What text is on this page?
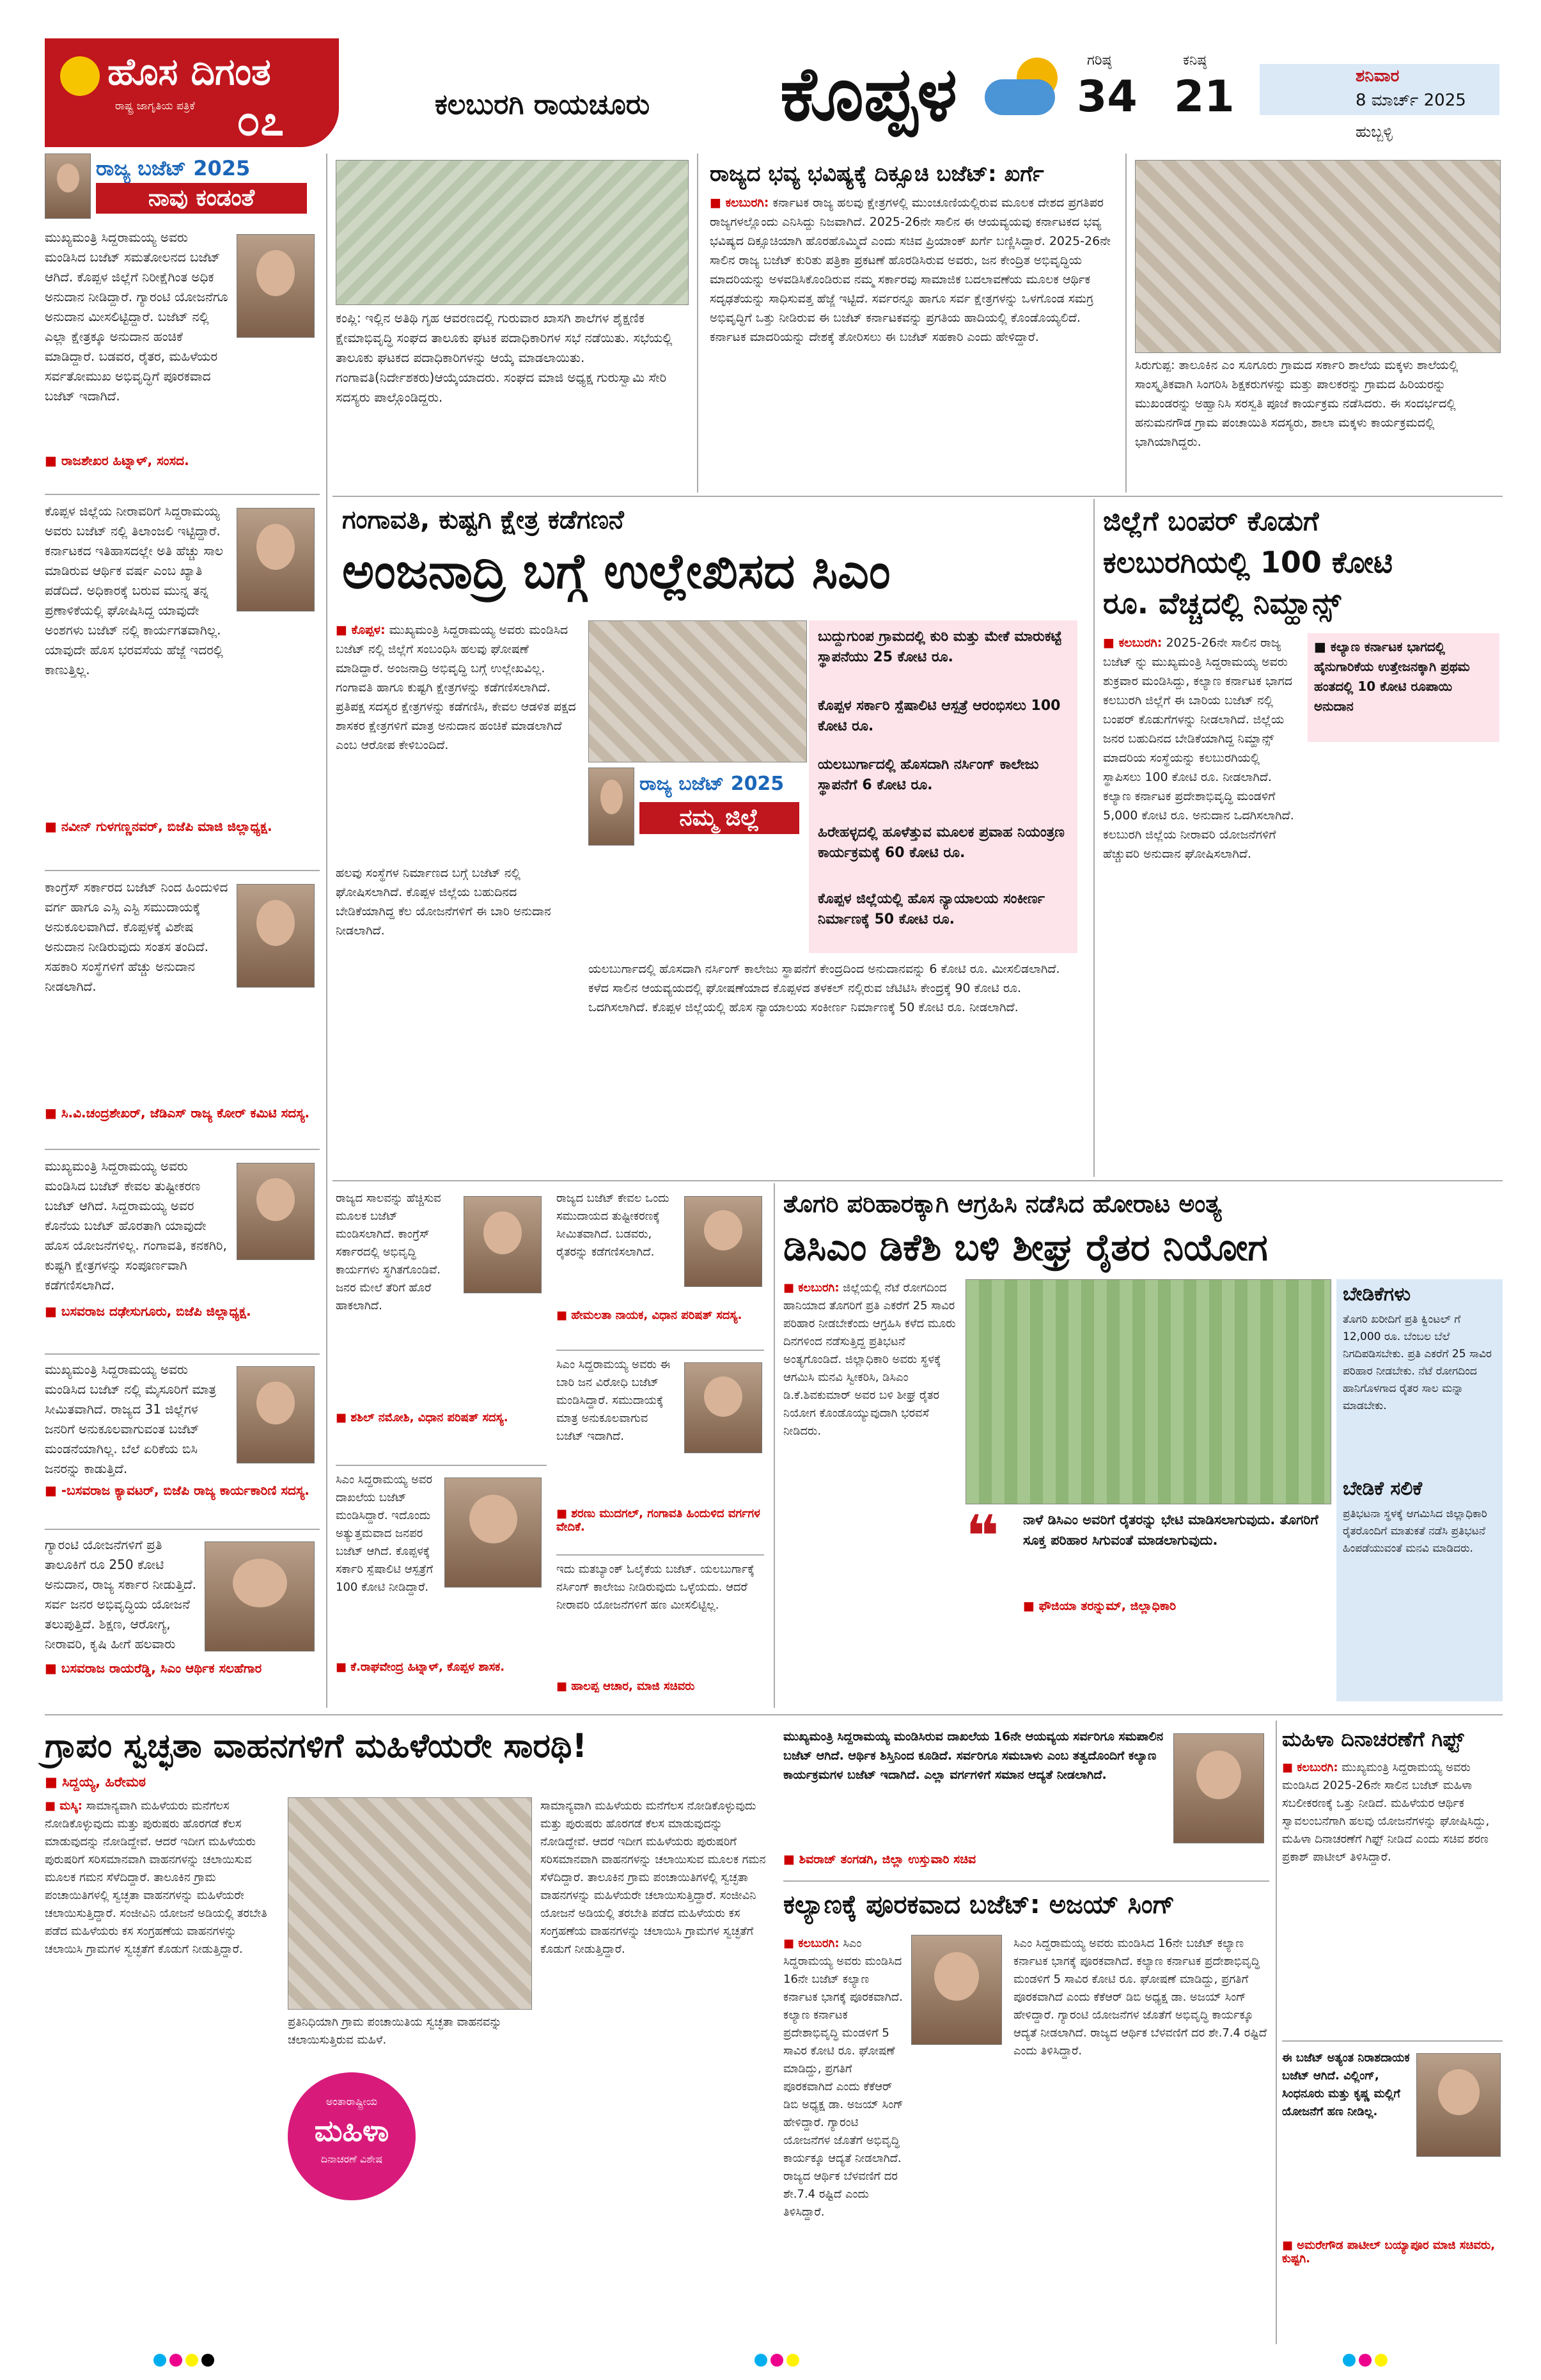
ಹೊಸ ದಿಗಂತ
ರಾಷ್ಟ್ರ ಜಾಗೃತಿಯ ಪತ್ರಿಕೆ ೦೭	ಕಲಬುರಗಿ ರಾಯಚೂರು ಕೊಪ್ಪಳ	ಗರಿಷ್ಠ
34
ಕನಿಷ್ಠ
21	ಶನಿವಾರ
8 ಮಾರ್ಚ್ 2025
ಹುಬ್ಬಳ್ಳಿ
ರಾಜ್ಯ ಬಜೆಟ್ 2025
ನಾವು ಕಂಡಂತೆ
ಮುಖ್ಯಮಂತ್ರಿ ಸಿದ್ದರಾಮಯ್ಯ ಅವರು ಮಂಡಿಸಿದ ಬಜೆಟ್ ಸಮತೋಲನದ ಬಜೆಟ್ ಆಗಿದೆ. ಕೊಪ್ಪಳ ಜಿಲ್ಲೆಗೆ ನಿರೀಕ್ಷೆಗಿಂತ ಅಧಿಕ ಅನುದಾನ ನೀಡಿದ್ದಾರೆ. ಗ್ಯಾರಂಟಿ ಯೋಜನೆಗೂ ಅನುದಾನ ಮೀಸಲಿಟ್ಟಿದ್ದಾರೆ. ಬಜೆಟ್ ನಲ್ಲಿ ಎಲ್ಲಾ ಕ್ಷೇತ್ರಕ್ಕೂ ಅನುದಾನ ಹಂಚಿಕೆ ಮಾಡಿದ್ದಾರೆ. ಬಡವರ, ರೈತರ, ಮಹಿಳೆಯರ ಸರ್ವತೋಮುಖ ಅಭಿವೃದ್ಧಿಗೆ ಪೂರಕವಾದ ಬಜೆಟ್ ಇದಾಗಿದೆ.
■ ರಾಜಶೇಖರ ಹಿಟ್ನಾಳ್, ಸಂಸದ.
ಕೊಪ್ಪಳ ಜಿಲ್ಲೆಯ ನೀರಾವರಿಗೆ ಸಿದ್ದರಾಮಯ್ಯ ಅವರು ಬಜೆಟ್ ನಲ್ಲಿ ತಿಲಾಂಜಲಿ ಇಟ್ಟಿದ್ದಾರೆ. ಕರ್ನಾಟಕದ ಇತಿಹಾಸದಲ್ಲೇ ಅತಿ ಹೆಚ್ಚು ಸಾಲ ಮಾಡಿರುವ ಆರ್ಥಿಕ ವರ್ಷ ಎಂಬ ಖ್ಯಾತಿ ಪಡೆದಿದೆ. ಅಧಿಕಾರಕ್ಕೆ ಬರುವ ಮುನ್ನ ತನ್ನ ಪ್ರಣಾಳಿಕೆಯಲ್ಲಿ ಘೋಷಿಸಿದ್ದ ಯಾವುದೇ ಅಂಶಗಳು ಬಜೆಟ್ ನಲ್ಲಿ ಕಾರ್ಯಗತವಾಗಿಲ್ಲ. ಯಾವುದೇ ಹೊಸ ಭರವಸೆಯ ಹೆಜ್ಜೆ ಇದರಲ್ಲಿ ಕಾಣುತ್ತಿಲ್ಲ.
■ ನವೀನ್ ಗುಳಗಣ್ಣನವರ್, ಬಿಜೆಪಿ ಮಾಜಿ ಜಿಲ್ಲಾಧ್ಯಕ್ಷ.
ಕಾಂಗ್ರೆಸ್ ಸರ್ಕಾರದ ಬಜೆಟ್ ನಿಂದ ಹಿಂದುಳಿದ ವರ್ಗ ಹಾಗೂ ಎಸ್ಸಿ ಎಸ್ಟಿ ಸಮುದಾಯಕ್ಕೆ ಅನುಕೂಲವಾಗಿದೆ. ಕೊಪ್ಪಳಕ್ಕೆ ವಿಶೇಷ ಅನುದಾನ ನೀಡಿರುವುದು ಸಂತಸ ತಂದಿದೆ. ಸಹಕಾರಿ ಸಂಸ್ಥೆಗಳಿಗೆ ಹೆಚ್ಚು ಅನುದಾನ ನೀಡಲಾಗಿದೆ.
■ ಸಿ.ವಿ.ಚಂದ್ರಶೇಖರ್, ಜೆಡಿಎಸ್ ರಾಜ್ಯ ಕೋರ್ ಕಮಿಟಿ ಸದಸ್ಯ.
ಮುಖ್ಯಮಂತ್ರಿ ಸಿದ್ದರಾಮಯ್ಯ ಅವರು ಮಂಡಿಸಿದ ಬಜೆಟ್ ಕೇವಲ ತುಷ್ಟೀಕರಣ ಬಜೆಟ್ ಆಗಿದೆ. ಸಿದ್ದರಾಮಯ್ಯ ಅವರ ಕೊನೆಯ ಬಜೆಟ್ ಹೊರತಾಗಿ ಯಾವುದೇ ಹೊಸ ಯೋಜನೆಗಳಿಲ್ಲ. ಗಂಗಾವತಿ, ಕನಕಗಿರಿ, ಕುಷ್ಟಗಿ ಕ್ಷೇತ್ರಗಳನ್ನು ಸಂಪೂರ್ಣವಾಗಿ ಕಡೆಗಣಿಸಲಾಗಿದೆ.
■ ಬಸವರಾಜ ದಢೇಸುಗೂರು, ಬಿಜೆಪಿ ಜಿಲ್ಲಾಧ್ಯಕ್ಷ.
ಮುಖ್ಯಮಂತ್ರಿ ಸಿದ್ದರಾಮಯ್ಯ ಅವರು ಮಂಡಿಸಿದ ಬಜೆಟ್ ನಲ್ಲಿ ಮೈಸೂರಿಗೆ ಮಾತ್ರ ಸೀಮಿತವಾಗಿದೆ. ರಾಜ್ಯದ 31 ಜಿಲ್ಲೆಗಳ ಜನರಿಗೆ ಅನುಕೂಲವಾಗುವಂತ ಬಜೆಟ್ ಮಂಡನೆಯಾಗಿಲ್ಲ. ಬೆಲೆ ಏರಿಕೆಯ ಬಿಸಿ ಜನರನ್ನು ಕಾಡುತ್ತಿದೆ.
■ -ಬಸವರಾಜ ಕ್ಯಾವಟರ್, ಬಿಜೆಪಿ ರಾಜ್ಯ ಕಾರ್ಯಕಾರಿಣಿ ಸದಸ್ಯ.
ಗ್ಯಾರಂಟಿ ಯೋಜನೆಗಳಿಗೆ ಪ್ರತಿ ತಾಲೂಕಿಗೆ ರೂ 250 ಕೋಟಿ ಅನುದಾನ, ರಾಜ್ಯ ಸರ್ಕಾರ ನೀಡುತ್ತಿದೆ. ಸರ್ವ ಜನರ ಅಭಿವೃದ್ಧಿಯ ಯೋಜನೆ ತಲುಪುತ್ತಿದೆ. ಶಿಕ್ಷಣ, ಆರೋಗ್ಯ, ನೀರಾವರಿ, ಕೃಷಿ ಹೀಗೆ ಹಲವಾರು
■ ಬಸವರಾಜ ರಾಯರೆಡ್ಡಿ, ಸಿಎಂ ಆರ್ಥಿಕ ಸಲಹೆಗಾರ
ಕಂಪ್ಲಿ: ಇಲ್ಲಿನ ಅತಿಥಿ ಗೃಹ ಆವರಣದಲ್ಲಿ ಗುರುವಾರ ಖಾಸಗಿ ಶಾಲೆಗಳ ಶೈಕ್ಷಣಿಕ ಕ್ಷೇಮಾಭಿವೃದ್ಧಿ ಸಂಘದ ತಾಲೂಕು ಘಟಕ ಪದಾಧಿಕಾರಿಗಳ ಸಭೆ ನಡೆಯಿತು. ಸಭೆಯಲ್ಲಿ ತಾಲೂಕು ಘಟಕದ ಪದಾಧಿಕಾರಿಗಳನ್ನು ಆಯ್ಕೆ ಮಾಡಲಾಯಿತು. ಗಂಗಾವತಿ(ನಿರ್ದೇಶಕರು)ಆಯ್ಕೆಯಾದರು. ಸಂಘದ ಮಾಜಿ ಅಧ್ಯಕ್ಷ ಗುರುಸ್ವಾಮಿ ಸೇರಿ ಸದಸ್ಯರು ಪಾಲ್ಗೊಂಡಿದ್ದರು.
ರಾಜ್ಯದ ಭವ್ಯ ಭವಿಷ್ಯಕ್ಕೆ ದಿಕ್ಸೂಚಿ ಬಜೆಟ್: ಖರ್ಗೆ
■ ಕಲಬುರಗಿ: ಕರ್ನಾಟಕ ರಾಜ್ಯ ಹಲವು ಕ್ಷೇತ್ರಗಳಲ್ಲಿ ಮುಂಚೂಣಿಯಲ್ಲಿರುವ ಮೂಲಕ ದೇಶದ ಪ್ರಗತಿಪರ ರಾಜ್ಯಗಳಲ್ಲೊಂದು ಎನಿಸಿದ್ದು ನಿಜವಾಗಿದೆ. 2025-26ನೇ ಸಾಲಿನ ಈ ಆಯವ್ಯಯವು ಕರ್ನಾಟಕದ ಭವ್ಯ ಭವಿಷ್ಯದ ದಿಕ್ಸೂಚಿಯಾಗಿ ಹೊರಹೊಮ್ಮಿದೆ ಎಂದು ಸಚಿವ ಪ್ರಿಯಾಂಕ್ ಖರ್ಗೆ ಬಣ್ಣಿಸಿದ್ದಾರೆ. 2025-26ನೇ ಸಾಲಿನ ರಾಜ್ಯ ಬಜೆಟ್ ಕುರಿತು ಪತ್ರಿಕಾ ಪ್ರಕಟಣೆ ಹೊರಡಿಸಿರುವ ಅವರು, ಜನ ಕೇಂದ್ರಿತ ಅಭಿವೃದ್ಧಿಯ ಮಾದರಿಯನ್ನು ಅಳವಡಿಸಿಕೊಂಡಿರುವ ನಮ್ಮ ಸರ್ಕಾರವು ಸಾಮಾಜಿಕ ಬದಲಾವಣೆಯ ಮೂಲಕ ಆರ್ಥಿಕ ಸದೃಢತೆಯನ್ನು ಸಾಧಿಸುವತ್ತ ಹೆಜ್ಜೆ ಇಟ್ಟಿದೆ. ಸರ್ವರನ್ನೂ ಹಾಗೂ ಸರ್ವ ಕ್ಷೇತ್ರಗಳನ್ನು ಒಳಗೊಂಡ ಸಮಗ್ರ ಅಭಿವೃದ್ಧಿಗೆ ಒತ್ತು ನೀಡಿರುವ ಈ ಬಜೆಟ್ ಕರ್ನಾಟಕವನ್ನು ಪ್ರಗತಿಯ ಹಾದಿಯಲ್ಲಿ ಕೊಂಡೊಯ್ಯಲಿದೆ. ಕರ್ನಾಟಕ ಮಾದರಿಯನ್ನು ದೇಶಕ್ಕೆ ತೋರಿಸಲು ಈ ಬಜೆಟ್ ಸಹಕಾರಿ ಎಂದು ಹೇಳಿದ್ದಾರೆ.
ಸಿರುಗುಪ್ಪ: ತಾಲೂಕಿನ ಎಂ ಸೂಗೂರು ಗ್ರಾಮದ ಸರ್ಕಾರಿ ಶಾಲೆಯ ಮಕ್ಕಳು ಶಾಲೆಯಲ್ಲಿ ಸಾಂಸ್ಕೃತಿಕವಾಗಿ ಸಿಂಗರಿಸಿ ಶಿಕ್ಷಕರುಗಳನ್ನು ಮತ್ತು ಪಾಲಕರನ್ನು ಗ್ರಾಮದ ಹಿರಿಯರನ್ನು ಮುಖಂಡರನ್ನು ಅಹ್ವಾನಿಸಿ ಸರಸ್ವತಿ ಪೂಜೆ ಕಾರ್ಯಕ್ರಮ ನಡೆಸಿದರು. ಈ ಸಂದರ್ಭದಲ್ಲಿ ಹನುಮನಗೌಡ ಗ್ರಾಮ ಪಂಚಾಯಿತಿ ಸದಸ್ಯರು, ಶಾಲಾ ಮಕ್ಕಳು ಕಾರ್ಯಕ್ರಮದಲ್ಲಿ ಭಾಗಿಯಾಗಿದ್ದರು.
ಗಂಗಾವತಿ, ಕುಷ್ಟಗಿ ಕ್ಷೇತ್ರ ಕಡೆಗಣನೆ
ಅಂಜನಾದ್ರಿ ಬಗ್ಗೆ ಉಲ್ಲೇಖಿಸದ ಸಿಎಂ
■ ಕೊಪ್ಪಳ: ಮುಖ್ಯಮಂತ್ರಿ ಸಿದ್ದರಾಮಯ್ಯ ಅವರು ಮಂಡಿಸಿದ ಬಜೆಟ್ ನಲ್ಲಿ ಜಿಲ್ಲೆಗೆ ಸಂಬಂಧಿಸಿ ಹಲವು ಘೋಷಣೆ ಮಾಡಿದ್ದಾರೆ. ಅಂಜನಾದ್ರಿ ಅಭಿವೃದ್ಧಿ ಬಗ್ಗೆ ಉಲ್ಲೇಖವಿಲ್ಲ. ಗಂಗಾವತಿ ಹಾಗೂ ಕುಷ್ಟಗಿ ಕ್ಷೇತ್ರಗಳನ್ನು ಕಡೆಗಣಿಸಲಾಗಿದೆ. ಪ್ರತಿಪಕ್ಷ ಸದಸ್ಯರ ಕ್ಷೇತ್ರಗಳನ್ನು ಕಡೆಗಣಿಸಿ, ಕೇವಲ ಆಡಳಿತ ಪಕ್ಷದ ಶಾಸಕರ ಕ್ಷೇತ್ರಗಳಿಗೆ ಮಾತ್ರ ಅನುದಾನ ಹಂಚಿಕೆ ಮಾಡಲಾಗಿದೆ ಎಂಬ ಆರೋಪ ಕೇಳಿಬಂದಿದೆ.
ರಾಜ್ಯ ಬಜೆಟ್ 2025
ನಮ್ಮ ಜಿಲ್ಲೆ
ಹಲವು ಸಂಸ್ಥೆಗಳ ನಿರ್ಮಾಣದ ಬಗ್ಗೆ ಬಜೆಟ್ ನಲ್ಲಿ ಘೋಷಿಸಲಾಗಿದೆ. ಕೊಪ್ಪಳ ಜಿಲ್ಲೆಯ ಬಹುದಿನದ ಬೇಡಿಕೆಯಾಗಿದ್ದ ಕೆಲ ಯೋಜನೆಗಳಿಗೆ ಈ ಬಾರಿ ಅನುದಾನ ನೀಡಲಾಗಿದೆ.
ಬುದ್ದುಗುಂಪ ಗ್ರಾಮದಲ್ಲಿ ಕುರಿ ಮತ್ತು ಮೇಕೆ ಮಾರುಕಟ್ಟೆ ಸ್ಥಾಪನೆಯು 25 ಕೋಟಿ ರೂ.
ಕೊಪ್ಪಳ ಸರ್ಕಾರಿ ಸ್ಪೆಷಾಲಿಟಿ ಆಸ್ಪತ್ರೆ ಆರಂಭಿಸಲು 100 ಕೋಟಿ ರೂ.
ಯಲಬುರ್ಗಾದಲ್ಲಿ ಹೊಸದಾಗಿ ನರ್ಸಿಂಗ್ ಕಾಲೇಜು ಸ್ಥಾಪನೆಗೆ 6 ಕೋಟಿ ರೂ.
ಹಿರೇಹಳ್ಳದಲ್ಲಿ ಹೂಳೆತ್ತುವ ಮೂಲಕ ಪ್ರವಾಹ ನಿಯಂತ್ರಣ ಕಾರ್ಯಕ್ರಮಕ್ಕೆ 60 ಕೋಟಿ ರೂ.
ಕೊಪ್ಪಳ ಜಿಲ್ಲೆಯಲ್ಲಿ ಹೊಸ ನ್ಯಾಯಾಲಯ ಸಂಕೀರ್ಣ ನಿರ್ಮಾಣಕ್ಕೆ 50 ಕೋಟಿ ರೂ.
ಯಲಬುರ್ಗಾದಲ್ಲಿ ಹೊಸದಾಗಿ ನರ್ಸಿಂಗ್ ಕಾಲೇಜು ಸ್ಥಾಪನೆಗೆ ಕೇಂದ್ರದಿಂದ ಅನುದಾನವನ್ನು 6 ಕೋಟಿ ರೂ. ಮೀಸಲಿಡಲಾಗಿದೆ. ಕಳೆದ ಸಾಲಿನ ಆಯವ್ಯಯದಲ್ಲಿ ಘೋಷಣೆಯಾದ ಕೊಪ್ಪಳದ ತಳಕಲ್ ನಲ್ಲಿರುವ ಜೆಟಿಟಿಸಿ ಕೇಂದ್ರಕ್ಕೆ 90 ಕೋಟಿ ರೂ. ಒದಗಿಸಲಾಗಿದೆ. ಕೊಪ್ಪಳ ಜಿಲ್ಲೆಯಲ್ಲಿ ಹೊಸ ನ್ಯಾಯಾಲಯ ಸಂಕೀರ್ಣ ನಿರ್ಮಾಣಕ್ಕೆ 50 ಕೋಟಿ ರೂ. ನೀಡಲಾಗಿದೆ.
ಜಿಲ್ಲೆಗೆ ಬಂಪರ್ ಕೊಡುಗೆ
ಕಲಬುರಗಿಯಲ್ಲಿ 100 ಕೋಟಿ
ರೂ. ವೆಚ್ಚದಲ್ಲಿ ನಿಮ್ಹಾನ್ಸ್
■ ಕಲ್ಯಾಣ ಕರ್ನಾಟಕ ಭಾಗದಲ್ಲಿ ಹೈನುಗಾರಿಕೆಯ ಉತ್ತೇಜನಕ್ಕಾಗಿ ಪ್ರಥಮ ಹಂತದಲ್ಲಿ 10 ಕೋಟಿ ರೂಪಾಯಿ ಅನುದಾನ
■ ಕಲಬುರಗಿ: 2025-26ನೇ ಸಾಲಿನ ರಾಜ್ಯ ಬಜೆಟ್ ನ್ನು ಮುಖ್ಯಮಂತ್ರಿ ಸಿದ್ದರಾಮಯ್ಯ ಅವರು ಶುಕ್ರವಾರ ಮಂಡಿಸಿದ್ದು, ಕಲ್ಯಾಣ ಕರ್ನಾಟಕ ಭಾಗದ ಕಲಬುರಗಿ ಜಿಲ್ಲೆಗೆ ಈ ಬಾರಿಯ ಬಜೆಟ್ ನಲ್ಲಿ ಬಂಪರ್ ಕೊಡುಗೆಗಳನ್ನು ನೀಡಲಾಗಿದೆ. ಜಿಲ್ಲೆಯ ಜನರ ಬಹುದಿನದ ಬೇಡಿಕೆಯಾಗಿದ್ದ ನಿಮ್ಹಾನ್ಸ್ ಮಾದರಿಯ ಸಂಸ್ಥೆಯನ್ನು ಕಲಬುರಗಿಯಲ್ಲಿ ಸ್ಥಾಪಿಸಲು 100 ಕೋಟಿ ರೂ. ನೀಡಲಾಗಿದೆ. ಕಲ್ಯಾಣ ಕರ್ನಾಟಕ ಪ್ರದೇಶಾಭಿವೃದ್ಧಿ ಮಂಡಳಿಗೆ 5,000 ಕೋಟಿ ರೂ. ಅನುದಾನ ಒದಗಿಸಲಾಗಿದೆ. ಕಲಬುರಗಿ ಜಿಲ್ಲೆಯ ನೀರಾವರಿ ಯೋಜನೆಗಳಿಗೆ ಹೆಚ್ಚುವರಿ ಅನುದಾನ ಘೋಷಿಸಲಾಗಿದೆ.
ರಾಜ್ಯದ ಸಾಲವನ್ನು ಹೆಚ್ಚಿಸುವ ಮೂಲಕ ಬಜೆಟ್ ಮಂಡಿಸಲಾಗಿದೆ. ಕಾಂಗ್ರೆಸ್ ಸರ್ಕಾರದಲ್ಲಿ ಅಭಿವೃದ್ಧಿ ಕಾರ್ಯಗಳು ಸ್ಥಗಿತಗೊಂಡಿವೆ. ಜನರ ಮೇಲೆ ತೆರಿಗೆ ಹೊರೆ ಹಾಕಲಾಗಿದೆ.
■ ಶಶಿಲ್ ನಮೋಶಿ, ವಿಧಾನ ಪರಿಷತ್ ಸದಸ್ಯ.
ರಾಜ್ಯದ ಬಜೆಟ್ ಕೇವಲ ಒಂದು ಸಮುದಾಯದ ತುಷ್ಟೀಕರಣಕ್ಕೆ ಸೀಮಿತವಾಗಿದೆ. ಬಡವರು, ರೈತರನ್ನು ಕಡೆಗಣಿಸಲಾಗಿದೆ.
■ ಹೇಮಲತಾ ನಾಯಕ, ವಿಧಾನ ಪರಿಷತ್ ಸದಸ್ಯ.
ಸಿಎಂ ಸಿದ್ದರಾಮಯ್ಯ ಅವರು ಈ ಬಾರಿ ಜನ ವಿರೋಧಿ ಬಜೆಟ್ ಮಂಡಿಸಿದ್ದಾರೆ. ಸಮುದಾಯಕ್ಕೆ ಮಾತ್ರ ಅನುಕೂಲವಾಗುವ ಬಜೆಟ್ ಇದಾಗಿದೆ.
■ ಶರಣು ಮುದಗಲ್, ಗಂಗಾವತಿ ಹಿಂದುಳಿದ ವರ್ಗಗಳ ವೇದಿಕೆ.
ಸಿಎಂ ಸಿದ್ದರಾಮಯ್ಯ ಅವರ ದಾಖಲೆಯ ಬಜೆಟ್ ಮಂಡಿಸಿದ್ದಾರೆ. ಇದೊಂದು ಅತ್ಯುತ್ತಮವಾದ ಜನಪರ ಬಜೆಟ್ ಆಗಿದೆ. ಕೊಪ್ಪಳಕ್ಕೆ ಸರ್ಕಾರಿ ಸ್ಪೆಷಾಲಿಟಿ ಆಸ್ಪತ್ರೆಗೆ 100 ಕೋಟಿ ನೀಡಿದ್ದಾರೆ.
■ ಕೆ.ರಾಘವೇಂದ್ರ ಹಿಟ್ನಾಳ್, ಕೊಪ್ಪಳ ಶಾಸಕ.
ಇದು ಮತಬ್ಯಾಂಕ್ ಓಲೈಕೆಯ ಬಜೆಟ್. ಯಲಬುರ್ಗಾಕ್ಕೆ ನರ್ಸಿಂಗ್ ಕಾಲೇಜು ನೀಡಿರುವುದು ಒಳ್ಳೆಯದು. ಆದರೆ ನೀರಾವರಿ ಯೋಜನೆಗಳಿಗೆ ಹಣ ಮೀಸಲಿಟ್ಟಿಲ್ಲ.
■ ಹಾಲಪ್ಪ ಆಚಾರ, ಮಾಜಿ ಸಚಿವರು
ತೊಗರಿ ಪರಿಹಾರಕ್ಕಾಗಿ ಆಗ್ರಹಿಸಿ ನಡೆಸಿದ ಹೋರಾಟ ಅಂತ್ಯ
ಡಿಸಿಎಂ ಡಿಕೆಶಿ ಬಳಿ ಶೀಘ್ರ ರೈತರ ನಿಯೋಗ
■ ಕಲಬುರಗಿ: ಜಿಲ್ಲೆಯಲ್ಲಿ ನೆಟೆ ರೋಗದಿಂದ ಹಾನಿಯಾದ ತೊಗರಿಗೆ ಪ್ರತಿ ಎಕರೆಗೆ 25 ಸಾವಿರ ಪರಿಹಾರ ನೀಡಬೇಕೆಂದು ಆಗ್ರಹಿಸಿ ಕಳೆದ ಮೂರು ದಿನಗಳಿಂದ ನಡೆಸುತ್ತಿದ್ದ ಪ್ರತಿಭಟನೆ ಅಂತ್ಯಗೊಂಡಿದೆ. ಜಿಲ್ಲಾಧಿಕಾರಿ ಅವರು ಸ್ಥಳಕ್ಕೆ ಆಗಮಿಸಿ ಮನವಿ ಸ್ವೀಕರಿಸಿ, ಡಿಸಿಎಂ ಡಿ.ಕೆ.ಶಿವಕುಮಾರ್ ಅವರ ಬಳಿ ಶೀಘ್ರ ರೈತರ ನಿಯೋಗ ಕೊಂಡೊಯ್ಯುವುದಾಗಿ ಭರವಸೆ ನೀಡಿದರು.
❝ ನಾಳೆ ಡಿಸಿಎಂ ಅವರಿಗೆ ರೈತರನ್ನು ಭೇಟಿ ಮಾಡಿಸಲಾಗುವುದು. ತೊಗರಿಗೆ ಸೂಕ್ತ ಪರಿಹಾರ ಸಿಗುವಂತೆ ಮಾಡಲಾಗುವುದು.
■ ಫೌಜಿಯಾ ತರನ್ನುಮ್, ಜಿಲ್ಲಾಧಿಕಾರಿ
ಬೇಡಿಕೆಗಳು
ತೊಗರಿ ಖರೀದಿಗೆ ಪ್ರತಿ ಕ್ವಿಂಟಲ್ ಗೆ 12,000 ರೂ. ಬೆಂಬಲ ಬೆಲೆ ನಿಗದಿಪಡಿಸಬೇಕು. ಪ್ರತಿ ಎಕರೆಗೆ 25 ಸಾವಿರ ಪರಿಹಾರ ನೀಡಬೇಕು. ನೆಟೆ ರೋಗದಿಂದ ಹಾನಿಗೊಳಗಾದ ರೈತರ ಸಾಲ ಮನ್ನಾ ಮಾಡಬೇಕು.
ಬೇಡಿಕೆ ಸಲಿಕೆ
ಪ್ರತಿಭಟನಾ ಸ್ಥಳಕ್ಕೆ ಆಗಮಿಸಿದ ಜಿಲ್ಲಾಧಿಕಾರಿ ರೈತರೊಂದಿಗೆ ಮಾತುಕತೆ ನಡೆಸಿ ಪ್ರತಿಭಟನೆ ಹಿಂಪಡೆಯುವಂತೆ ಮನವಿ ಮಾಡಿದರು.
ಗ್ರಾಪಂ ಸ್ವಚ್ಛತಾ ವಾಹನಗಳಿಗೆ ಮಹಿಳೆಯರೇ ಸಾರಥಿ!
■ ಸಿದ್ದಯ್ಯ, ಹಿರೇಮಠ
■ ಮಸ್ಕಿ: ಸಾಮಾನ್ಯವಾಗಿ ಮಹಿಳೆಯರು ಮನೆಗೆಲಸ ನೋಡಿಕೊಳ್ಳುವುದು ಮತ್ತು ಪುರುಷರು ಹೊರಗಡೆ ಕೆಲಸ ಮಾಡುವುದನ್ನು ನೋಡಿದ್ದೇವೆ. ಆದರೆ ಇದೀಗ ಮಹಿಳೆಯರು ಪುರುಷರಿಗೆ ಸರಿಸಮಾನವಾಗಿ ವಾಹನಗಳನ್ನು ಚಲಾಯಿಸುವ ಮೂಲಕ ಗಮನ ಸೆಳೆದಿದ್ದಾರೆ. ತಾಲೂಕಿನ ಗ್ರಾಮ ಪಂಚಾಯಿತಿಗಳಲ್ಲಿ ಸ್ವಚ್ಛತಾ ವಾಹನಗಳನ್ನು ಮಹಿಳೆಯರೇ ಚಲಾಯಿಸುತ್ತಿದ್ದಾರೆ. ಸಂಜೀವಿನಿ ಯೋಜನೆ ಅಡಿಯಲ್ಲಿ ತರಬೇತಿ ಪಡೆದ ಮಹಿಳೆಯರು ಕಸ ಸಂಗ್ರಹಣೆಯ ವಾಹನಗಳನ್ನು ಚಲಾಯಿಸಿ ಗ್ರಾಮಗಳ ಸ್ವಚ್ಛತೆಗೆ ಕೊಡುಗೆ ನೀಡುತ್ತಿದ್ದಾರೆ.
ಪ್ರತಿನಿಧಿಯಾಗಿ ಗ್ರಾಮ ಪಂಚಾಯಿತಿಯ ಸ್ವಚ್ಛತಾ ವಾಹನವನ್ನು ಚಲಾಯಿಸುತ್ತಿರುವ ಮಹಿಳೆ.
ಅಂತಾರಾಷ್ಟ್ರೀಯ
ಮಹಿಳಾ
ದಿನಾಚರಣೆ ವಿಶೇಷ
ಸಾಮಾನ್ಯವಾಗಿ ಮಹಿಳೆಯರು ಮನೆಗೆಲಸ ನೋಡಿಕೊಳ್ಳುವುದು ಮತ್ತು ಪುರುಷರು ಹೊರಗಡೆ ಕೆಲಸ ಮಾಡುವುದನ್ನು ನೋಡಿದ್ದೇವೆ. ಆದರೆ ಇದೀಗ ಮಹಿಳೆಯರು ಪುರುಷರಿಗೆ ಸರಿಸಮಾನವಾಗಿ ವಾಹನಗಳನ್ನು ಚಲಾಯಿಸುವ ಮೂಲಕ ಗಮನ ಸೆಳೆದಿದ್ದಾರೆ. ತಾಲೂಕಿನ ಗ್ರಾಮ ಪಂಚಾಯಿತಿಗಳಲ್ಲಿ ಸ್ವಚ್ಛತಾ ವಾಹನಗಳನ್ನು ಮಹಿಳೆಯರೇ ಚಲಾಯಿಸುತ್ತಿದ್ದಾರೆ. ಸಂಜೀವಿನಿ ಯೋಜನೆ ಅಡಿಯಲ್ಲಿ ತರಬೇತಿ ಪಡೆದ ಮಹಿಳೆಯರು ಕಸ ಸಂಗ್ರಹಣೆಯ ವಾಹನಗಳನ್ನು ಚಲಾಯಿಸಿ ಗ್ರಾಮಗಳ ಸ್ವಚ್ಛತೆಗೆ ಕೊಡುಗೆ ನೀಡುತ್ತಿದ್ದಾರೆ.
ಮುಖ್ಯಮಂತ್ರಿ ಸಿದ್ದರಾಮಯ್ಯ ಮಂಡಿಸಿರುವ ದಾಖಲೆಯ 16ನೇ ಆಯವ್ಯಯ ಸರ್ವರಿಗೂ ಸಮಪಾಲಿನ ಬಜೆಟ್ ಆಗಿದೆ. ಆರ್ಥಿಕ ಶಿಸ್ತಿನಿಂದ ಕೂಡಿದೆ. ಸರ್ವರಿಗೂ ಸಮಬಾಳು ಎಂಬ ತತ್ವದೊಂದಿಗೆ ಕಲ್ಯಾಣ ಕಾರ್ಯಕ್ರಮಗಳ ಬಜೆಟ್ ಇದಾಗಿದೆ. ಎಲ್ಲಾ ವರ್ಗಗಳಿಗೆ ಸಮಾನ ಆದ್ಯತೆ ನೀಡಲಾಗಿದೆ.
■ ಶಿವರಾಜ್ ತಂಗಡಗಿ, ಜಿಲ್ಲಾ ಉಸ್ತುವಾರಿ ಸಚಿವ
ಕಲ್ಯಾಣಕ್ಕೆ ಪೂರಕವಾದ ಬಜೆಟ್: ಅಜಯ್ ಸಿಂಗ್
■ ಕಲಬುರಗಿ: ಸಿಎಂ ಸಿದ್ದರಾಮಯ್ಯ ಅವರು ಮಂಡಿಸಿದ 16ನೇ ಬಜೆಟ್ ಕಲ್ಯಾಣ ಕರ್ನಾಟಕ ಭಾಗಕ್ಕೆ ಪೂರಕವಾಗಿದೆ. ಕಲ್ಯಾಣ ಕರ್ನಾಟಕ ಪ್ರದೇಶಾಭಿವೃದ್ಧಿ ಮಂಡಳಿಗೆ 5 ಸಾವಿರ ಕೋಟಿ ರೂ. ಘೋಷಣೆ ಮಾಡಿದ್ದು, ಪ್ರಗತಿಗೆ ಪೂರಕವಾಗಿದೆ ಎಂದು ಕೆಕೆಆರ್ ಡಿಬಿ ಅಧ್ಯಕ್ಷ ಡಾ. ಅಜಯ್ ಸಿಂಗ್ ಹೇಳಿದ್ದಾರೆ. ಗ್ಯಾರಂಟಿ ಯೋಜನೆಗಳ ಜೊತೆಗೆ ಅಭಿವೃದ್ಧಿ ಕಾರ್ಯಕ್ಕೂ ಆದ್ಯತೆ ನೀಡಲಾಗಿದೆ. ರಾಜ್ಯದ ಆರ್ಥಿಕ ಬೆಳವಣಿಗೆ ದರ ಶೇ.7.4 ರಷ್ಟಿದೆ ಎಂದು ತಿಳಿಸಿದ್ದಾರೆ.
ಸಿಎಂ ಸಿದ್ದರಾಮಯ್ಯ ಅವರು ಮಂಡಿಸಿದ 16ನೇ ಬಜೆಟ್ ಕಲ್ಯಾಣ ಕರ್ನಾಟಕ ಭಾಗಕ್ಕೆ ಪೂರಕವಾಗಿದೆ. ಕಲ್ಯಾಣ ಕರ್ನಾಟಕ ಪ್ರದೇಶಾಭಿವೃದ್ಧಿ ಮಂಡಳಿಗೆ 5 ಸಾವಿರ ಕೋಟಿ ರೂ. ಘೋಷಣೆ ಮಾಡಿದ್ದು, ಪ್ರಗತಿಗೆ ಪೂರಕವಾಗಿದೆ ಎಂದು ಕೆಕೆಆರ್ ಡಿಬಿ ಅಧ್ಯಕ್ಷ ಡಾ. ಅಜಯ್ ಸಿಂಗ್ ಹೇಳಿದ್ದಾರೆ. ಗ್ಯಾರಂಟಿ ಯೋಜನೆಗಳ ಜೊತೆಗೆ ಅಭಿವೃದ್ಧಿ ಕಾರ್ಯಕ್ಕೂ ಆದ್ಯತೆ ನೀಡಲಾಗಿದೆ. ರಾಜ್ಯದ ಆರ್ಥಿಕ ಬೆಳವಣಿಗೆ ದರ ಶೇ.7.4 ರಷ್ಟಿದೆ ಎಂದು ತಿಳಿಸಿದ್ದಾರೆ.
ಮಹಿಳಾ ದಿನಾಚರಣೆಗೆ ಗಿಫ್ಟ್
■ ಕಲಬುರಗಿ: ಮುಖ್ಯಮಂತ್ರಿ ಸಿದ್ದರಾಮಯ್ಯ ಅವರು ಮಂಡಿಸಿದ 2025-26ನೇ ಸಾಲಿನ ಬಜೆಟ್ ಮಹಿಳಾ ಸಬಲೀಕರಣಕ್ಕೆ ಒತ್ತು ನೀಡಿದೆ. ಮಹಿಳೆಯರ ಆರ್ಥಿಕ ಸ್ವಾವಲಂಬನೆಗಾಗಿ ಹಲವು ಯೋಜನೆಗಳನ್ನು ಘೋಷಿಸಿದ್ದು, ಮಹಿಳಾ ದಿನಾಚರಣೆಗೆ ಗಿಫ್ಟ್ ನೀಡಿದೆ ಎಂದು ಸಚಿವ ಶರಣ ಪ್ರಕಾಶ್ ಪಾಟೀಲ್ ತಿಳಿಸಿದ್ದಾರೆ.
ಈ ಬಜೆಟ್ ಅತ್ಯಂತ ನಿರಾಶದಾಯಕ ಬಜೆಟ್ ಆಗಿದೆ. ವಿಲ್ಲಿಂಗ್, ಸಿಂಧನೂರು ಮತ್ತು ಕೃಷ್ಣ ಮಲ್ಲಿಗೆ ಯೋಜನೆಗೆ ಹಣ ನೀಡಿಲ್ಲ.
■ ಅಮರೇಗೌಡ ಪಾಟೀಲ್ ಬಯ್ಯಾಪೂರ ಮಾಜಿ ಸಚಿವರು, ಕುಷ್ಟಗಿ.
